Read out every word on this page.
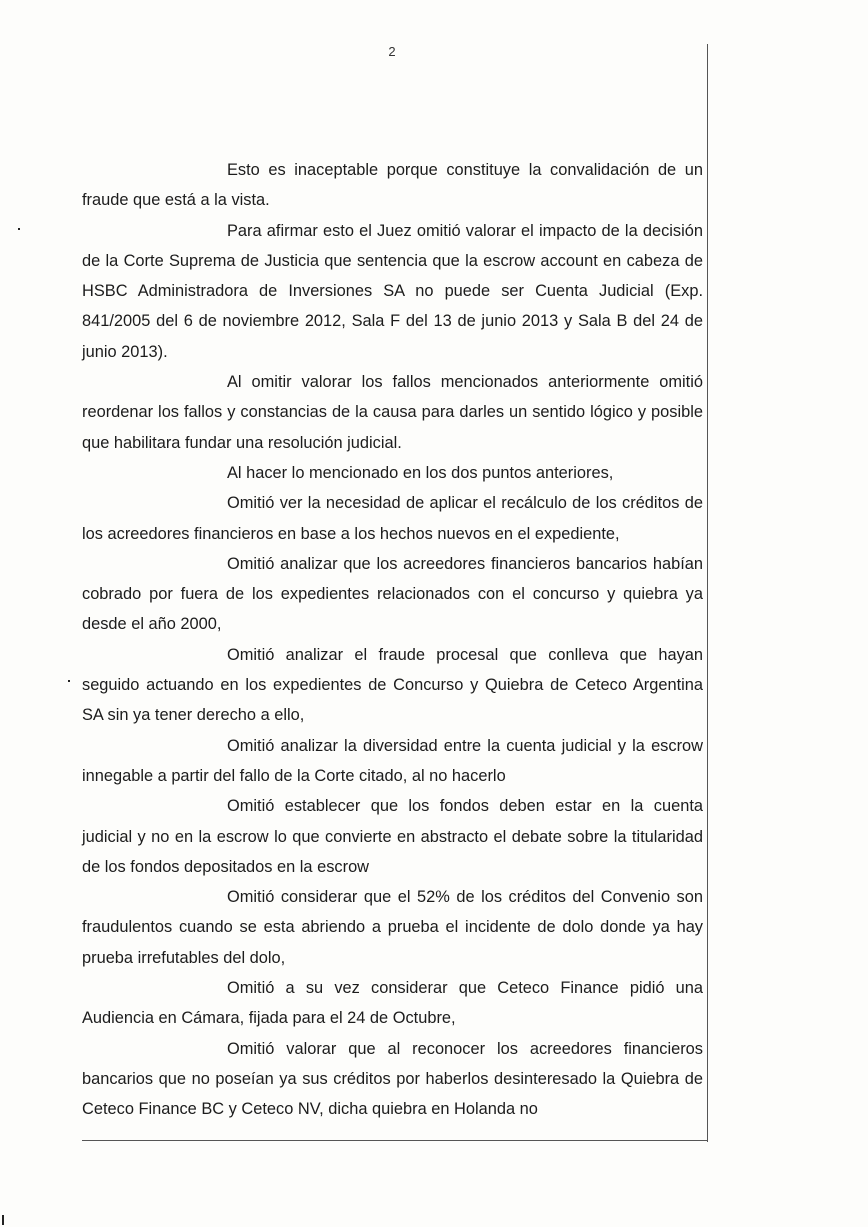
2

Esto es inaceptable porque constituye la convalidación de un fraude que está a la vista.

Para afirmar esto el Juez omitió valorar el impacto de la decisión de la Corte Suprema de Justicia que sentencia que la escrow account en cabeza de HSBC Administradora de Inversiones SA no puede ser Cuenta Judicial (Exp. 841/2005 del 6 de noviembre 2012, Sala F del 13 de junio 2013 y Sala B del 24 de junio 2013).

Al omitir valorar los fallos mencionados anteriormente omitió reordenar los fallos y constancias de la causa para darles un sentido lógico y posible que habilitara fundar una resolución judicial.

Al hacer lo mencionado en los dos puntos anteriores,

Omitió ver la necesidad de aplicar el recálculo de los créditos de los acreedores financieros en base a los hechos nuevos en el expediente,

Omitió analizar que los acreedores financieros bancarios habían cobrado por fuera de los expedientes relacionados con el concurso y quiebra ya desde el año 2000,

Omitió analizar el fraude procesal que conlleva que hayan seguido actuando en los expedientes de Concurso y Quiebra de Ceteco Argentina SA sin ya tener derecho a ello,

Omitió analizar la diversidad entre la cuenta judicial y la escrow innegable a partir del fallo de la Corte citado, al no hacerlo

Omitió establecer que los fondos deben estar en la cuenta judicial y no en la escrow lo que convierte en abstracto el debate sobre la titularidad de los fondos depositados en la escrow

Omitió considerar que el 52% de los créditos del Convenio son fraudulentos cuando se esta abriendo a prueba el incidente de dolo donde ya hay prueba irrefutables del dolo,

Omitió a su vez considerar que Ceteco Finance pidió una Audiencia en Cámara, fijada para el 24 de Octubre,

Omitió valorar que al reconocer los acreedores financieros bancarios que no poseían ya sus créditos por haberlos desinteresado la Quiebra de Ceteco Finance BC y Ceteco NV, dicha quiebra en Holanda no
